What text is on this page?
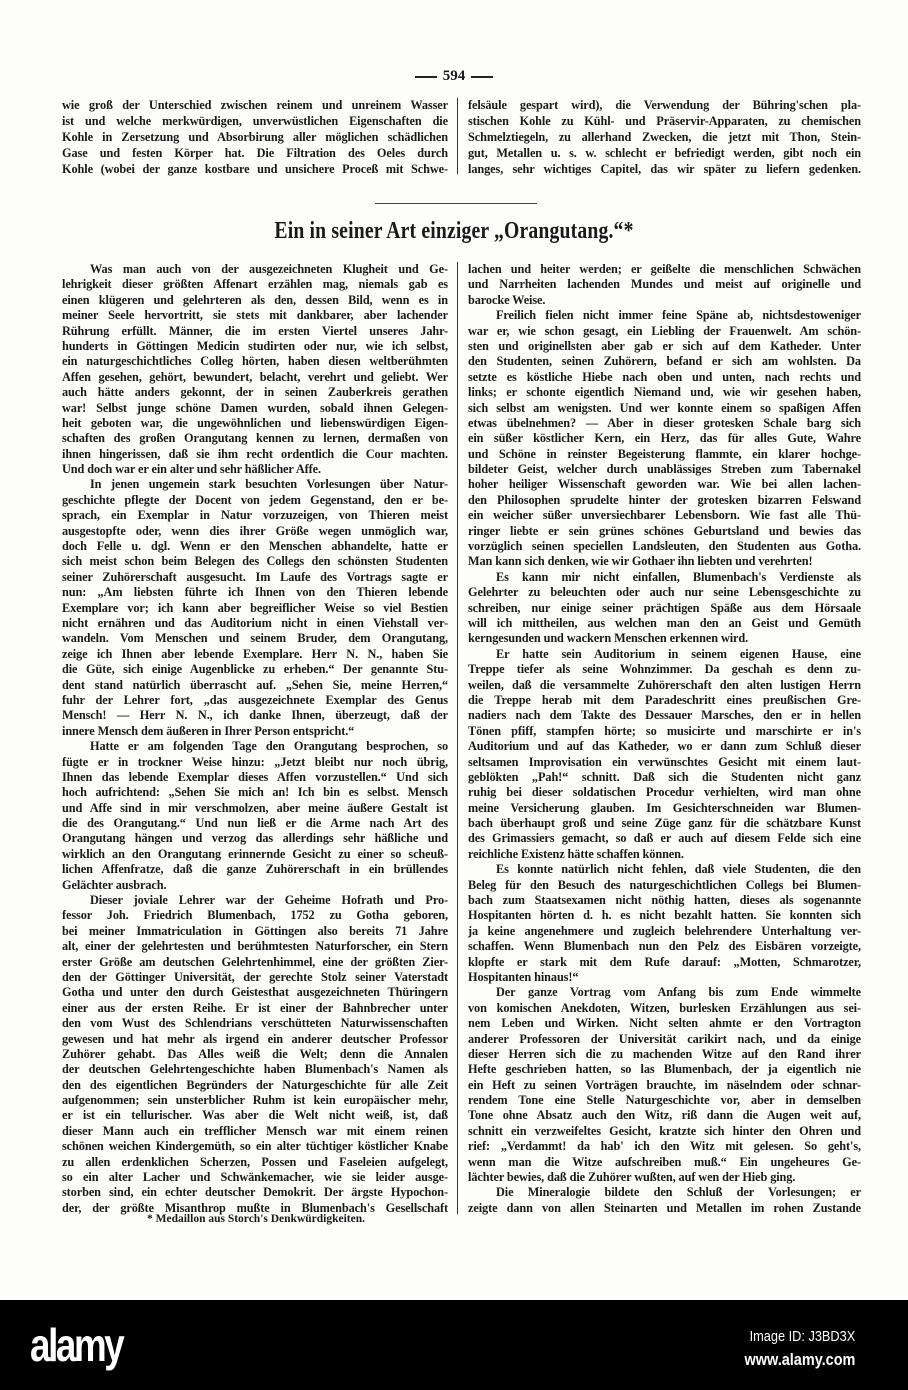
594
wie groß der Unterschied zwischen reinem und unreinem Wasser
ist und welche merkwürdigen, unverwüstlichen Eigenschaften die
Kohle in Zersetzung und Absorbirung aller möglichen schädlichen
Gase und festen Körper hat. Die Filtration des Oeles durch
Kohle (wobei der ganze kostbare und unsichere Proceß mit Schwe-
felsäule gespart wird), die Verwendung der Bühring'schen pla-
stischen Kohle zu Kühl- und Präservir-Apparaten, zu chemischen
Schmelztiegeln, zu allerhand Zwecken, die jetzt mit Thon, Stein-
gut, Metallen u. s. w. schlecht er befriedigt werden, gibt noch ein
langes, sehr wichtiges Capitel, das wir später zu liefern gedenken.
Ein in seiner Art einziger „Orangutang.“*
Was man auch von der ausgezeichneten Klugheit und Ge-
lehrigkeit dieser größten Affenart erzählen mag, niemals gab es
einen klügeren und gelehrteren als den, dessen Bild, wenn es in
meiner Seele hervortritt, sie stets mit dankbarer, aber lachender
Rührung erfüllt. Männer, die im ersten Viertel unseres Jahr-
hunderts in Göttingen Medicin studirten oder nur, wie ich selbst,
ein naturgeschichtliches Colleg hörten, haben diesen weltberühmten
Affen gesehen, gehört, bewundert, belacht, verehrt und geliebt. Wer
auch hätte anders gekonnt, der in seinen Zauberkreis gerathen
war! Selbst junge schöne Damen wurden, sobald ihnen Gelegen-
heit geboten war, die ungewöhnlichen und liebenswürdigen Eigen-
schaften des großen Orangutang kennen zu lernen, dermaßen von
ihnen hingerissen, daß sie ihm recht ordentlich die Cour machten.
Und doch war er ein alter und sehr häßlicher Affe.
In jenen ungemein stark besuchten Vorlesungen über Natur-
geschichte pflegte der Docent von jedem Gegenstand, den er be-
sprach, ein Exemplar in Natur vorzuzeigen, von Thieren meist
ausgestopfte oder, wenn dies ihrer Größe wegen unmöglich war,
doch Felle u. dgl. Wenn er den Menschen abhandelte, hatte er
sich meist schon beim Belegen des Collegs den schönsten Studenten
seiner Zuhörerschaft ausgesucht. Im Laufe des Vortrags sagte er
nun: „Am liebsten führte ich Ihnen von den Thieren lebende
Exemplare vor; ich kann aber begreiflicher Weise so viel Bestien
nicht ernähren und das Auditorium nicht in einen Viehstall ver-
wandeln. Vom Menschen und seinem Bruder, dem Orangutang,
zeige ich Ihnen aber lebende Exemplare. Herr N. N., haben Sie
die Güte, sich einige Augenblicke zu erheben.“ Der genannte Stu-
dent stand natürlich überrascht auf. „Sehen Sie, meine Herren,“
fuhr der Lehrer fort, „das ausgezeichnete Exemplar des Genus
Mensch! — Herr N. N., ich danke Ihnen, überzeugt, daß der
innere Mensch dem äußeren in Ihrer Person entspricht.“
Hatte er am folgenden Tage den Orangutang besprochen, so
fügte er in trockner Weise hinzu: „Jetzt bleibt nur noch übrig,
Ihnen das lebende Exemplar dieses Affen vorzustellen.“ Und sich
hoch aufrichtend: „Sehen Sie mich an! Ich bin es selbst. Mensch
und Affe sind in mir verschmolzen, aber meine äußere Gestalt ist
die des Orangutang.“ Und nun ließ er die Arme nach Art des
Orangutang hängen und verzog das allerdings sehr häßliche und
wirklich an den Orangutang erinnernde Gesicht zu einer so scheuß-
lichen Affenfratze, daß die ganze Zuhörerschaft in ein brüllendes
Gelächter ausbrach.
Dieser joviale Lehrer war der Geheime Hofrath und Pro-
fessor Joh. Friedrich Blumenbach, 1752 zu Gotha geboren,
bei meiner Immatriculation in Göttingen also bereits 71 Jahre
alt, einer der gelehrtesten und berühmtesten Naturforscher, ein Stern
erster Größe am deutschen Gelehrtenhimmel, eine der größten Zier-
den der Göttinger Universität, der gerechte Stolz seiner Vaterstadt
Gotha und unter den durch Geistesthat ausgezeichneten Thüringern
einer aus der ersten Reihe. Er ist einer der Bahnbrecher unter
den vom Wust des Schlendrians verschütteten Naturwissenschaften
gewesen und hat mehr als irgend ein anderer deutscher Professor
Zuhörer gehabt. Das Alles weiß die Welt; denn die Annalen
der deutschen Gelehrtengeschichte haben Blumenbach's Namen als
den des eigentlichen Begründers der Naturgeschichte für alle Zeit
aufgenommen; sein unsterblicher Ruhm ist kein europäischer mehr,
er ist ein tellurischer. Was aber die Welt nicht weiß, ist, daß
dieser Mann auch ein trefflicher Mensch war mit einem reinen
schönen weichen Kindergemüth, so ein alter tüchtiger köstlicher Knabe
zu allen erdenklichen Scherzen, Possen und Faseleien aufgelegt,
so ein alter Lacher und Schwänkemacher, wie sie leider ausge-
storben sind, ein echter deutscher Demokrit. Der ärgste Hypochon-
der, der größte Misanthrop mußte in Blumenbach's Gesellschaft
lachen und heiter werden; er geißelte die menschlichen Schwächen
und Narrheiten lachenden Mundes und meist auf originelle und
barocke Weise.
Freilich fielen nicht immer feine Späne ab, nichtsdestoweniger
war er, wie schon gesagt, ein Liebling der Frauenwelt. Am schön-
sten und originellsten aber gab er sich auf dem Katheder. Unter
den Studenten, seinen Zuhörern, befand er sich am wohlsten. Da
setzte es köstliche Hiebe nach oben und unten, nach rechts und
links; er schonte eigentlich Niemand und, wie wir gesehen haben,
sich selbst am wenigsten. Und wer konnte einem so spaßigen Affen
etwas übelnehmen? — Aber in dieser grotesken Schale barg sich
ein süßer köstlicher Kern, ein Herz, das für alles Gute, Wahre
und Schöne in reinster Begeisterung flammte, ein klarer hochge-
bildeter Geist, welcher durch unablässiges Streben zum Tabernakel
hoher heiliger Wissenschaft geworden war. Wie bei allen lachen-
den Philosophen sprudelte hinter der grotesken bizarren Felswand
ein weicher süßer unversiechbarer Lebensborn. Wie fast alle Thü-
ringer liebte er sein grünes schönes Geburtsland und bewies das
vorzüglich seinen speciellen Landsleuten, den Studenten aus Gotha.
Man kann sich denken, wie wir Gothaer ihn liebten und verehrten!
Es kann mir nicht einfallen, Blumenbach's Verdienste als
Gelehrter zu beleuchten oder auch nur seine Lebensgeschichte zu
schreiben, nur einige seiner prächtigen Späße aus dem Hörsaale
will ich mittheilen, aus welchen man den an Geist und Gemüth
kerngesunden und wackern Menschen erkennen wird.
Er hatte sein Auditorium in seinem eigenen Hause, eine
Treppe tiefer als seine Wohnzimmer. Da geschah es denn zu-
weilen, daß die versammelte Zuhörerschaft den alten lustigen Herrn
die Treppe herab mit dem Paradeschritt eines preußischen Gre-
nadiers nach dem Takte des Dessauer Marsches, den er in hellen
Tönen pfiff, stampfen hörte; so musicirte und marschirte er in's
Auditorium und auf das Katheder, wo er dann zum Schluß dieser
seltsamen Improvisation ein verwünschtes Gesicht mit einem laut-
geblökten „Pah!“ schnitt. Daß sich die Studenten nicht ganz
ruhig bei dieser soldatischen Procedur verhielten, wird man ohne
meine Versicherung glauben. Im Gesichterschneiden war Blumen-
bach überhaupt groß und seine Züge ganz für die schätzbare Kunst
des Grimassiers gemacht, so daß er auch auf diesem Felde sich eine
reichliche Existenz hätte schaffen können.
Es konnte natürlich nicht fehlen, daß viele Studenten, die den
Beleg für den Besuch des naturgeschichtlichen Collegs bei Blumen-
bach zum Staatsexamen nicht nöthig hatten, dieses als sogenannte
Hospitanten hörten d. h. es nicht bezahlt hatten. Sie konnten sich
ja keine angenehmere und zugleich belehrendere Unterhaltung ver-
schaffen. Wenn Blumenbach nun den Pelz des Eisbären vorzeigte,
klopfte er stark mit dem Rufe darauf: „Motten, Schmarotzer,
Hospitanten hinaus!“
Der ganze Vortrag vom Anfang bis zum Ende wimmelte
von komischen Anekdoten, Witzen, burlesken Erzählungen aus sei-
nem Leben und Wirken. Nicht selten ahmte er den Vortragton
anderer Professoren der Universität carikirt nach, und da einige
dieser Herren sich die zu machenden Witze auf den Rand ihrer
Hefte geschrieben hatten, so las Blumenbach, der ja eigentlich nie
ein Heft zu seinen Vorträgen brauchte, im näselndem oder schnar-
rendem Tone eine Stelle Naturgeschichte vor, aber in demselben
Tone ohne Absatz auch den Witz, riß dann die Augen weit auf,
schnitt ein verzweifeltes Gesicht, kratzte sich hinter den Ohren und
rief: „Verdammt! da hab' ich den Witz mit gelesen. So geht's,
wenn man die Witze aufschreiben muß.“ Ein ungeheures Ge-
lächter bewies, daß die Zuhörer wußten, auf wen der Hieb ging.
Die Mineralogie bildete den Schluß der Vorlesungen; er
zeigte dann von allen Steinarten und Metallen im rohen Zustande
* Medaillon aus Storch's Denkwürdigkeiten.
alamy	Image ID: J3BD3X
www.alamy.com
